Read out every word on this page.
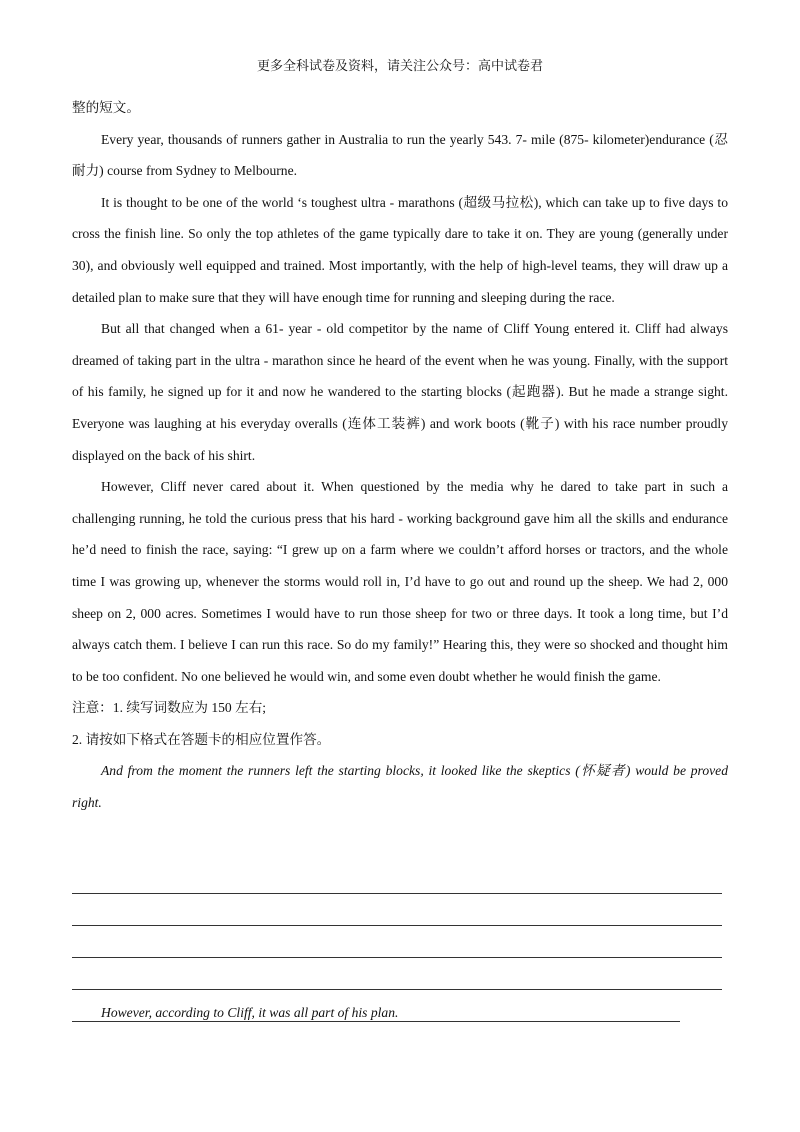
更多全科试卷及资料，请关注公众号：高中试卷君

整的短文。

Every year, thousands of runners gather in Australia to run the yearly 543. 7- mile (875- kilometer)endurance (忍耐力) course from Sydney to Melbourne.

It is thought to be one of the world ‘s toughest ultra - marathons (超级马拉松), which can take up to five days to cross the finish line. So only the top athletes of the game typically dare to take it on. They are young (generally under 30), and obviously well equipped and trained. Most importantly, with the help of high-level teams, they will draw up a detailed plan to make sure that they will have enough time for running and sleeping during the race.

But all that changed when a 61- year - old competitor by the name of Cliff Young entered it. Cliff had always dreamed of taking part in the ultra - marathon since he heard of the event when he was young. Finally, with the support of his family, he signed up for it and now he wandered to the starting blocks (起跑器). But he made a strange sight. Everyone was laughing at his everyday overalls (连体工装裤) and work boots (靴子) with his race number proudly displayed on the back of his shirt.

However, Cliff never cared about it. When questioned by the media why he dared to take part in such a challenging running, he told the curious press that his hard - working background gave him all the skills and endurance he’d need to finish the race, saying: “I grew up on a farm where we couldn’t afford horses or tractors, and the whole time I was growing up, whenever the storms would roll in, I’d have to go out and round up the sheep. We had 2, 000 sheep on 2, 000 acres. Sometimes I would have to run those sheep for two or three days. It took a long time, but I’d always catch them. I believe I can run this race. So do my family!” Hearing this, they were so shocked and thought him to be too confident. No one believed he would win, and some even doubt whether he would finish the game.

注意：1. 续写词数应为 150 左右;

2. 请按如下格式在答题卡的相应位置作答。

And from the moment the runners left the starting blocks, it looked like the skeptics (怀疑者) would be proved right.

However, according to Cliff, it was all part of his plan.
